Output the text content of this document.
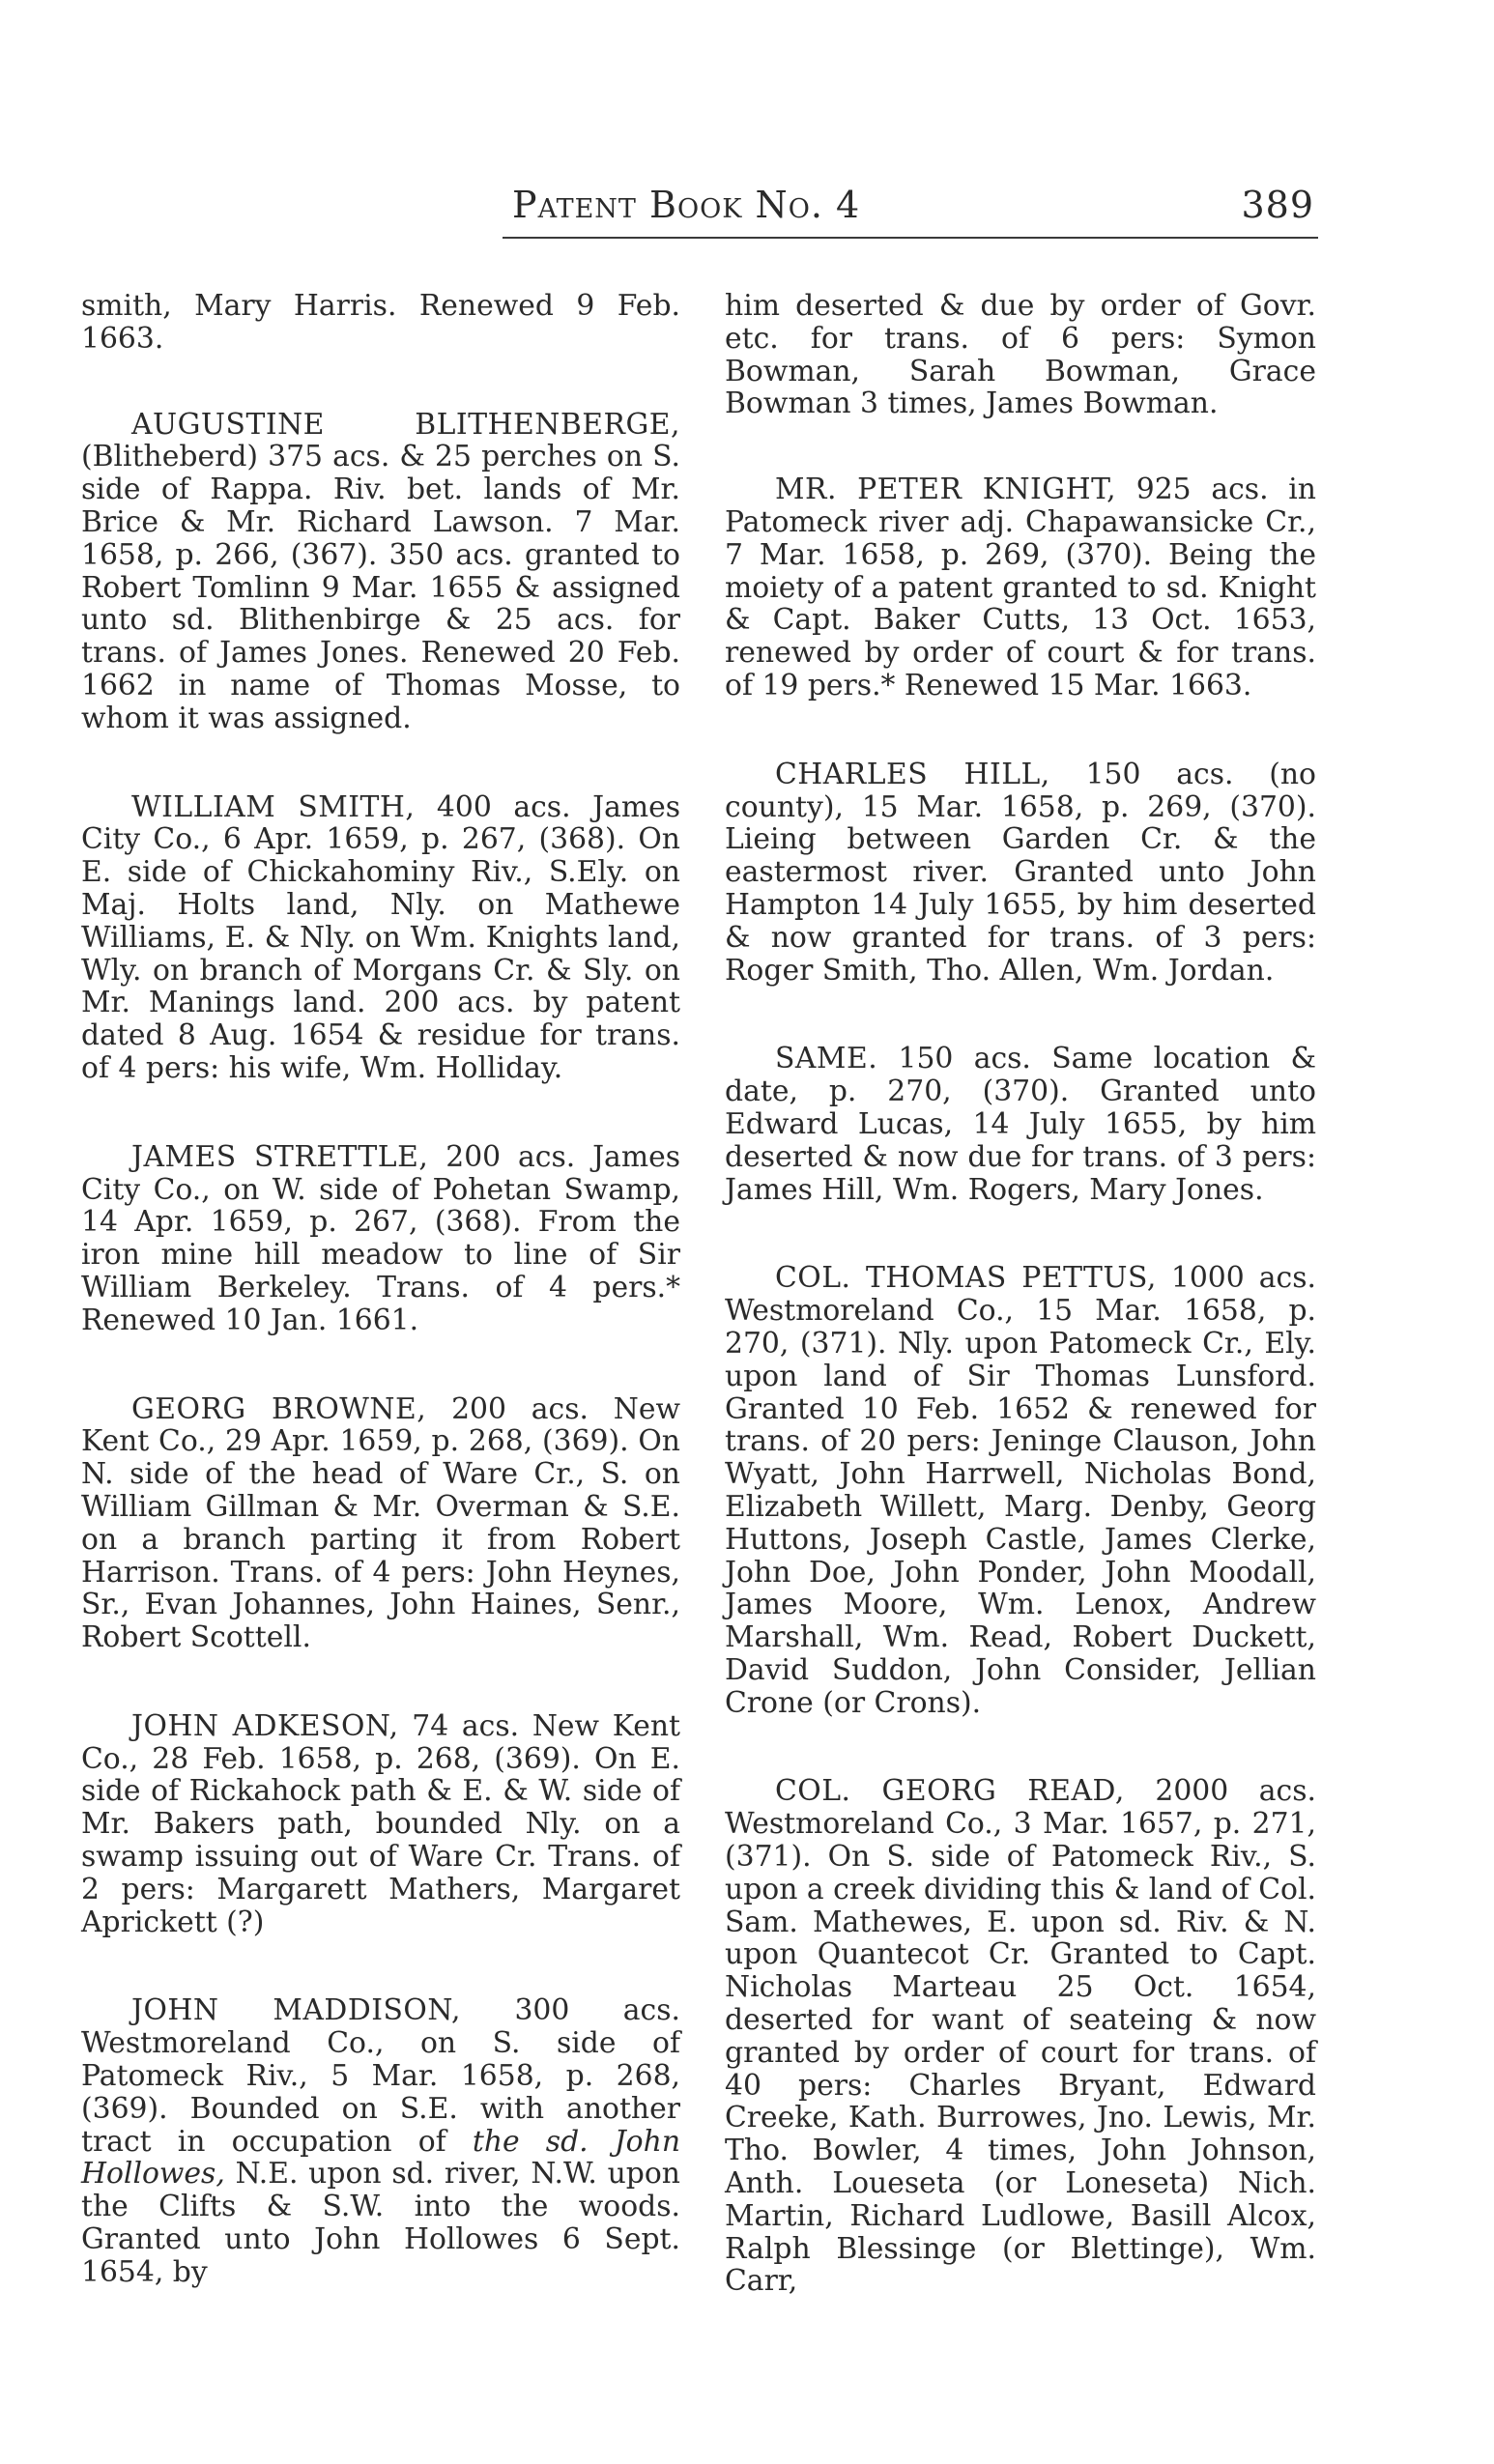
Patent Book No. 4	389

smith, Mary Harris. Renewed 9 Feb. 1663.

AUGUSTINE BLITHENBERGE, (Blitheberd) 375 acs. & 25 perches on S. side of Rappa. Riv. bet. lands of Mr. Brice & Mr. Richard Lawson. 7 Mar. 1658, p. 266, (367). 350 acs. granted to Robert Tomlinn 9 Mar. 1655 & assigned unto sd. Blithenbirge & 25 acs. for trans. of James Jones. Renewed 20 Feb. 1662 in name of Thomas Mosse, to whom it was assigned.

WILLIAM SMITH, 400 acs. James City Co., 6 Apr. 1659, p. 267, (368). On E. side of Chickahominy Riv., S.Ely. on Maj. Holts land, Nly. on Mathewe Williams, E. & Nly. on Wm. Knights land, Wly. on branch of Morgans Cr. & Sly. on Mr. Manings land. 200 acs. by patent dated 8 Aug. 1654 & residue for trans. of 4 pers: his wife, Wm. Holliday.

JAMES STRETTLE, 200 acs. James City Co., on W. side of Pohetan Swamp, 14 Apr. 1659, p. 267, (368). From the iron mine hill meadow to line of Sir William Berkeley. Trans. of 4 pers.* Renewed 10 Jan. 1661.

GEORG BROWNE, 200 acs. New Kent Co., 29 Apr. 1659, p. 268, (369). On N. side of the head of Ware Cr., S. on William Gillman & Mr. Overman & S.E. on a branch parting it from Robert Harrison. Trans. of 4 pers: John Heynes, Sr., Evan Johannes, John Haines, Senr., Robert Scottell.

JOHN ADKESON, 74 acs. New Kent Co., 28 Feb. 1658, p. 268, (369). On E. side of Rickahock path & E. & W. side of Mr. Bakers path, bounded Nly. on a swamp issuing out of Ware Cr. Trans. of 2 pers: Margarett Mathers, Margaret Aprickett (?)

JOHN MADDISON, 300 acs. Westmoreland Co., on S. side of Patomeck Riv., 5 Mar. 1658, p. 268, (369). Bounded on S.E. with another tract in occupation of the sd. John Hollowes, N.E. upon sd. river, N.W. upon the Clifts & S.W. into the woods. Granted unto John Hollowes 6 Sept. 1654, by

him deserted & due by order of Govr. etc. for trans. of 6 pers: Symon Bowman, Sarah Bowman, Grace Bowman 3 times, James Bowman.

MR. PETER KNIGHT, 925 acs. in Patomeck river adj. Chapawansicke Cr., 7 Mar. 1658, p. 269, (370). Being the moiety of a patent granted to sd. Knight & Capt. Baker Cutts, 13 Oct. 1653, renewed by order of court & for trans. of 19 pers.* Renewed 15 Mar. 1663.

CHARLES HILL, 150 acs. (no county), 15 Mar. 1658, p. 269, (370). Lieing between Garden Cr. & the eastermost river. Granted unto John Hampton 14 July 1655, by him deserted & now granted for trans. of 3 pers: Roger Smith, Tho. Allen, Wm. Jordan.

SAME. 150 acs. Same location & date, p. 270, (370). Granted unto Edward Lucas, 14 July 1655, by him deserted & now due for trans. of 3 pers: James Hill, Wm. Rogers, Mary Jones.

COL. THOMAS PETTUS, 1000 acs. Westmoreland Co., 15 Mar. 1658, p. 270, (371). Nly. upon Patomeck Cr., Ely. upon land of Sir Thomas Lunsford. Granted 10 Feb. 1652 & renewed for trans. of 20 pers: Jeninge Clauson, John Wyatt, John Harrwell, Nicholas Bond, Elizabeth Willett, Marg. Denby, Georg Huttons, Joseph Castle, James Clerke, John Doe, John Ponder, John Moodall, James Moore, Wm. Lenox, Andrew Marshall, Wm. Read, Robert Duckett, David Suddon, John Consider, Jellian Crone (or Crons).

COL. GEORG READ, 2000 acs. Westmoreland Co., 3 Mar. 1657, p. 271, (371). On S. side of Patomeck Riv., S. upon a creek dividing this & land of Col. Sam. Mathewes, E. upon sd. Riv. & N. upon Quantecot Cr. Granted to Capt. Nicholas Marteau 25 Oct. 1654, deserted for want of seateing & now granted by order of court for trans. of 40 pers: Charles Bryant, Edward Creeke, Kath. Burrowes, Jno. Lewis, Mr. Tho. Bowler, 4 times, John Johnson, Anth. Loueseta (or Loneseta) Nich. Martin, Richard Ludlowe, Basill Alcox, Ralph Blessinge (or Blettinge), Wm. Carr,
